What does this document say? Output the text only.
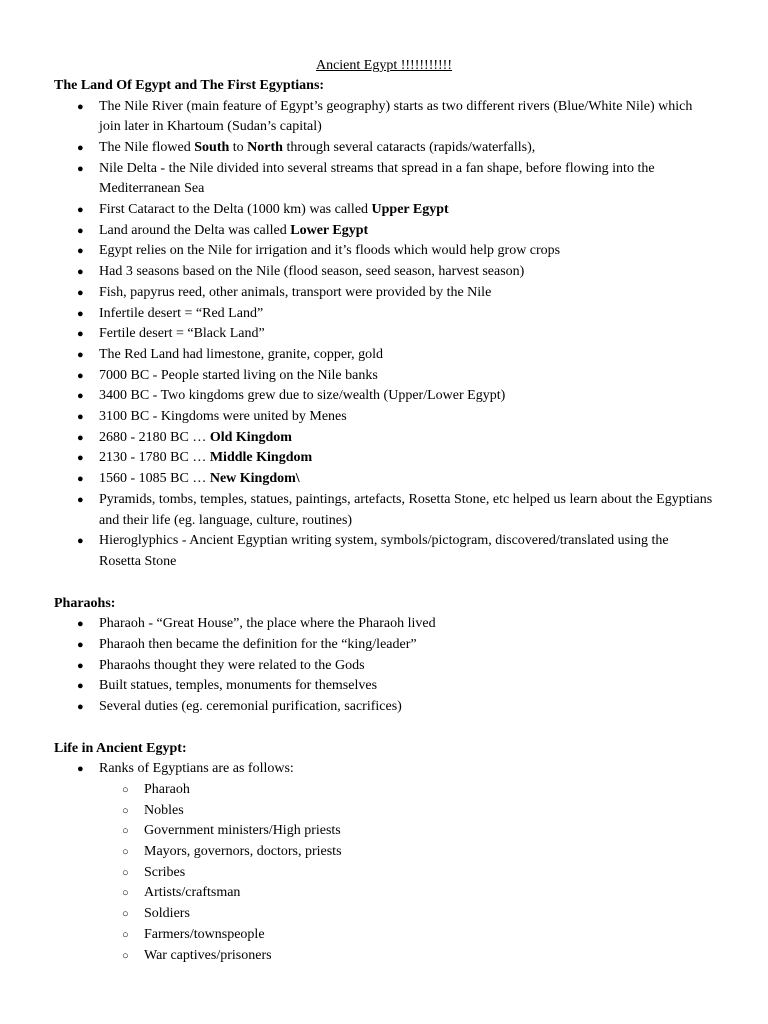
Ancient Egypt !!!!!!!!!!!
The Land Of Egypt and The First Egyptians:
● The Nile River (main feature of Egypt’s geography) starts as two different rivers (Blue/White Nile) which join later in Khartoum (Sudan’s capital)
● The Nile flowed South to North through several cataracts (rapids/waterfalls),
● Nile Delta - the Nile divided into several streams that spread in a fan shape, before flowing into the Mediterranean Sea
● First Cataract to the Delta (1000 km) was called Upper Egypt
● Land around the Delta was called Lower Egypt
● Egypt relies on the Nile for irrigation and it’s floods which would help grow crops
● Had 3 seasons based on the Nile (flood season, seed season, harvest season)
● Fish, papyrus reed, other animals, transport were provided by the Nile
● Infertile desert = “Red Land”
● Fertile desert = “Black Land”
● The Red Land had limestone, granite, copper, gold
● 7000 BC - People started living on the Nile banks
● 3400 BC - Two kingdoms grew due to size/wealth (Upper/Lower Egypt)
● 3100 BC - Kingdoms were united by Menes
● 2680 - 2180 BC … Old Kingdom
● 2130 - 1780 BC … Middle Kingdom
● 1560 - 1085 BC … New Kingdom\
● Pyramids, tombs, temples, statues, paintings, artefacts, Rosetta Stone, etc helped us learn about the Egyptians and their life (eg. language, culture, routines)
● Hieroglyphics - Ancient Egyptian writing system, symbols/pictogram, discovered/translated using the Rosetta Stone
Pharaohs:
● Pharaoh - “Great House”, the place where the Pharaoh lived
● Pharaoh then became the definition for the “king/leader”
● Pharaohs thought they were related to the Gods
● Built statues, temples, monuments for themselves
● Several duties (eg. ceremonial purification, sacrifices)
Life in Ancient Egypt:
● Ranks of Egyptians are as follows:
○ Pharaoh
○ Nobles
○ Government ministers/High priests
○ Mayors, governors, doctors, priests
○ Scribes
○ Artists/craftsman
○ Soldiers
○ Farmers/townspeople
○ War captives/prisoners
